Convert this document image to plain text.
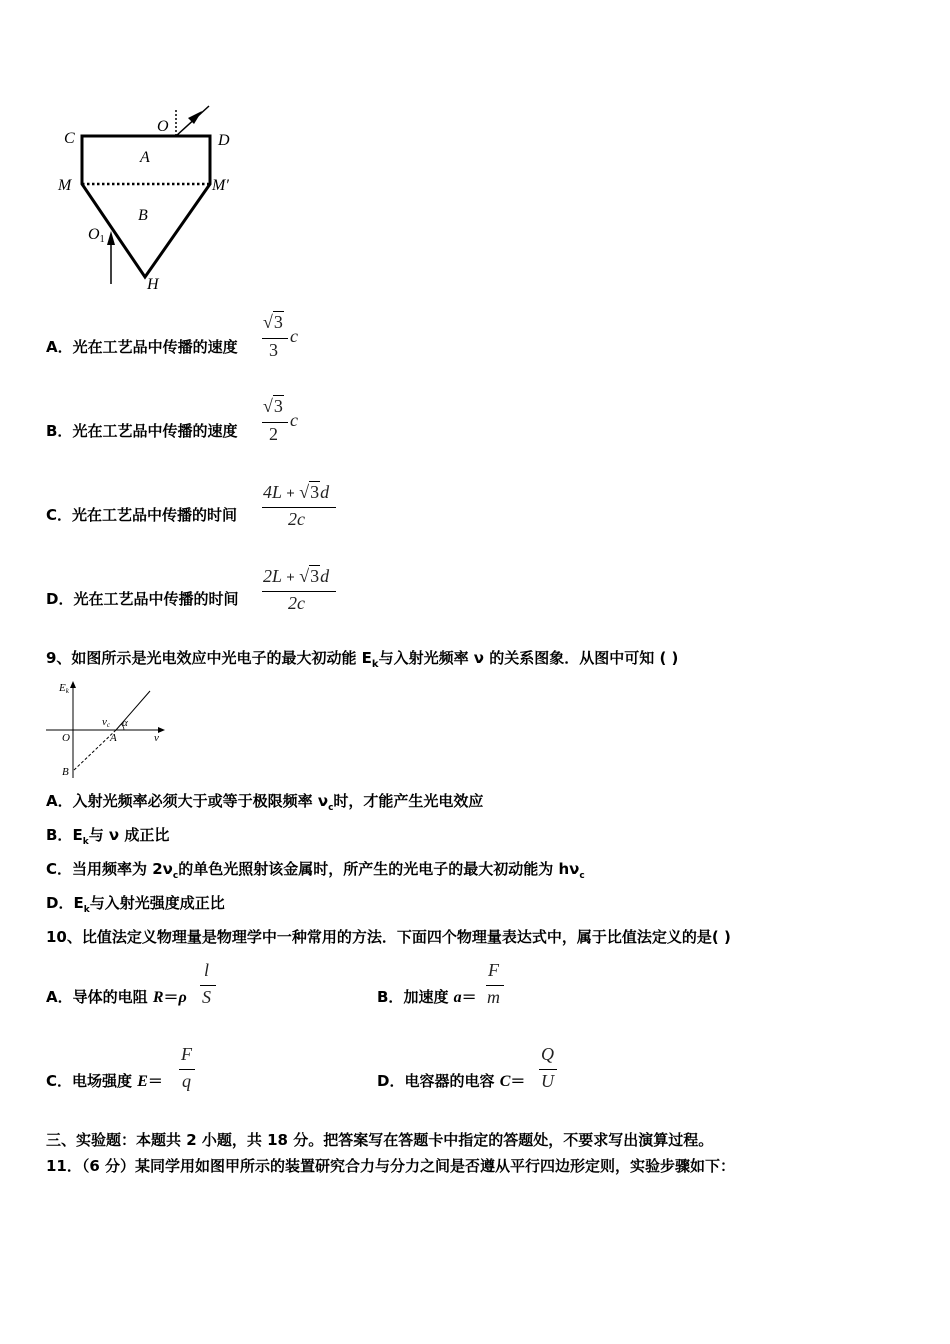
C	D
O
A
M	M′
B
O1
H
A．光在工艺品中传播的速度
√3
3
c
B．光在工艺品中传播的速度
√3
2
c
C．光在工艺品中传播的时间
4L + √3d
2c
D．光在工艺品中传播的时间
2L + √3d
2c
9、如图所示是光电效应中光电子的最大初动能 $E_k$与入射光频率 ν 的关系图象．从图中可知 ( )
Ek
νc α
O	A	ν
B
A．入射光频率必须大于或等于极限频率 $\nu_c$时，才能产生光电效应
B．$E_k$与 ν 成正比
C．当用频率为 $2\nu_c$的单色光照射该金属时，所产生的光电子的最大初动能为 $h\nu_c$
D．$E_k$与入射光强度成正比
10、比值法定义物理量是物理学中一种常用的方法．下面四个物理量表达式中，属于比值法定义的是( )
A．导体的电阻 R＝ρ
l
S	B．加速度 a＝
F
m
C．电场强度 E＝
F
q	D．电容器的电容 C＝
Q
U
三、实验题：本题共 2 小题，共 18 分。把答案写在答题卡中指定的答题处，不要求写出演算过程。
11．（6 分）某同学用如图甲所示的装置研究合力与分力之间是否遵从平行四边形定则，实验步骤如下：
